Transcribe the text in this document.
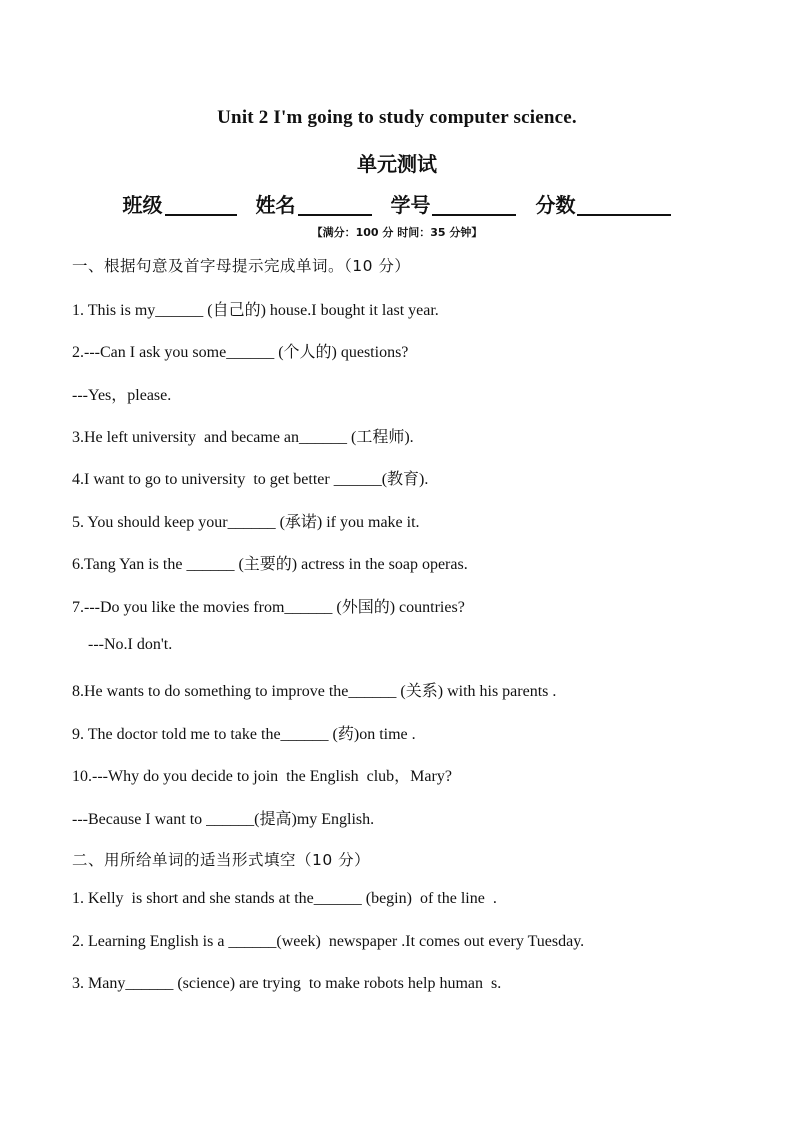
Unit 2 I'm going to study computer science.
单元测试
班级	姓名	学号	分数
【满分：100 分 时间：35 分钟】
一、根据句意及首字母提示完成单词。（10 分）
1. This is my______ (自己的) house.I bought it last year.
2.---Can I ask you some______ (个人的) questions?
---Yes，please.
3.He left university  and became an______ (工程师).
4.I want to go to university  to get better ______(教育).
5. You should keep your______ (承诺) if you make it.
6.Tang Yan is the ______ (主要的) actress in the soap operas.
7.---Do you like the movies from______ (外国的) countries?
---No.I don't.
8.He wants to do something to improve the______ (关系) with his parents .
9. The doctor told me to take the______ (药)on time .
10.---Why do you decide to join  the English  club，Mary?
---Because I want to ______(提高)my English.
二、用所给单词的适当形式填空（10 分）
1. Kelly  is short and she stands at the______ (begin)  of the line  .
2. Learning English is a ______(week)  newspaper .It comes out every Tuesday.
3. Many______ (science) are trying  to make robots help human  s.
